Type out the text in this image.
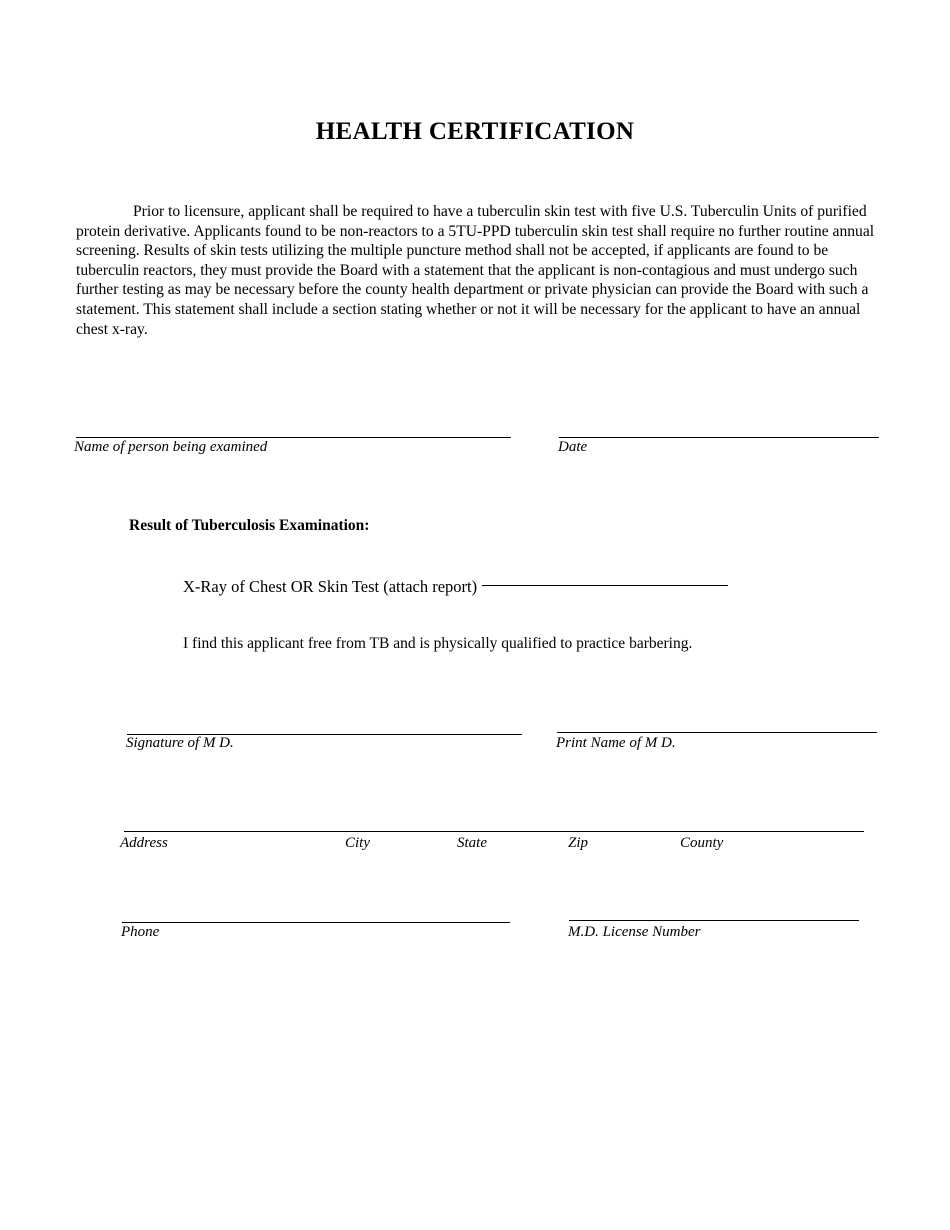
HEALTH CERTIFICATION
Prior to licensure, applicant shall be required to have a tuberculin skin test with five U.S. Tuberculin Units of purified protein derivative. Applicants found to be non-reactors to a 5TU-PPD tuberculin skin test shall require no further routine annual screening. Results of skin tests utilizing the multiple puncture method shall not be accepted, if applicants are found to be tuberculin reactors, they must provide the Board with a statement that the applicant is non-contagious and must undergo such further testing as may be necessary before the county health department or private physician can provide the Board with such a statement. This statement shall include a section stating whether or not it will be necessary for the applicant to have an annual chest x-ray.
Name of person being examined	Date
Result of Tuberculosis Examination:
X-Ray of Chest OR Skin Test (attach report)
I find this applicant free from TB and is physically qualified to practice barbering.
Signature of M D.	Print Name of M D.
Address	City	State	Zip	County
Phone	M.D. License Number
